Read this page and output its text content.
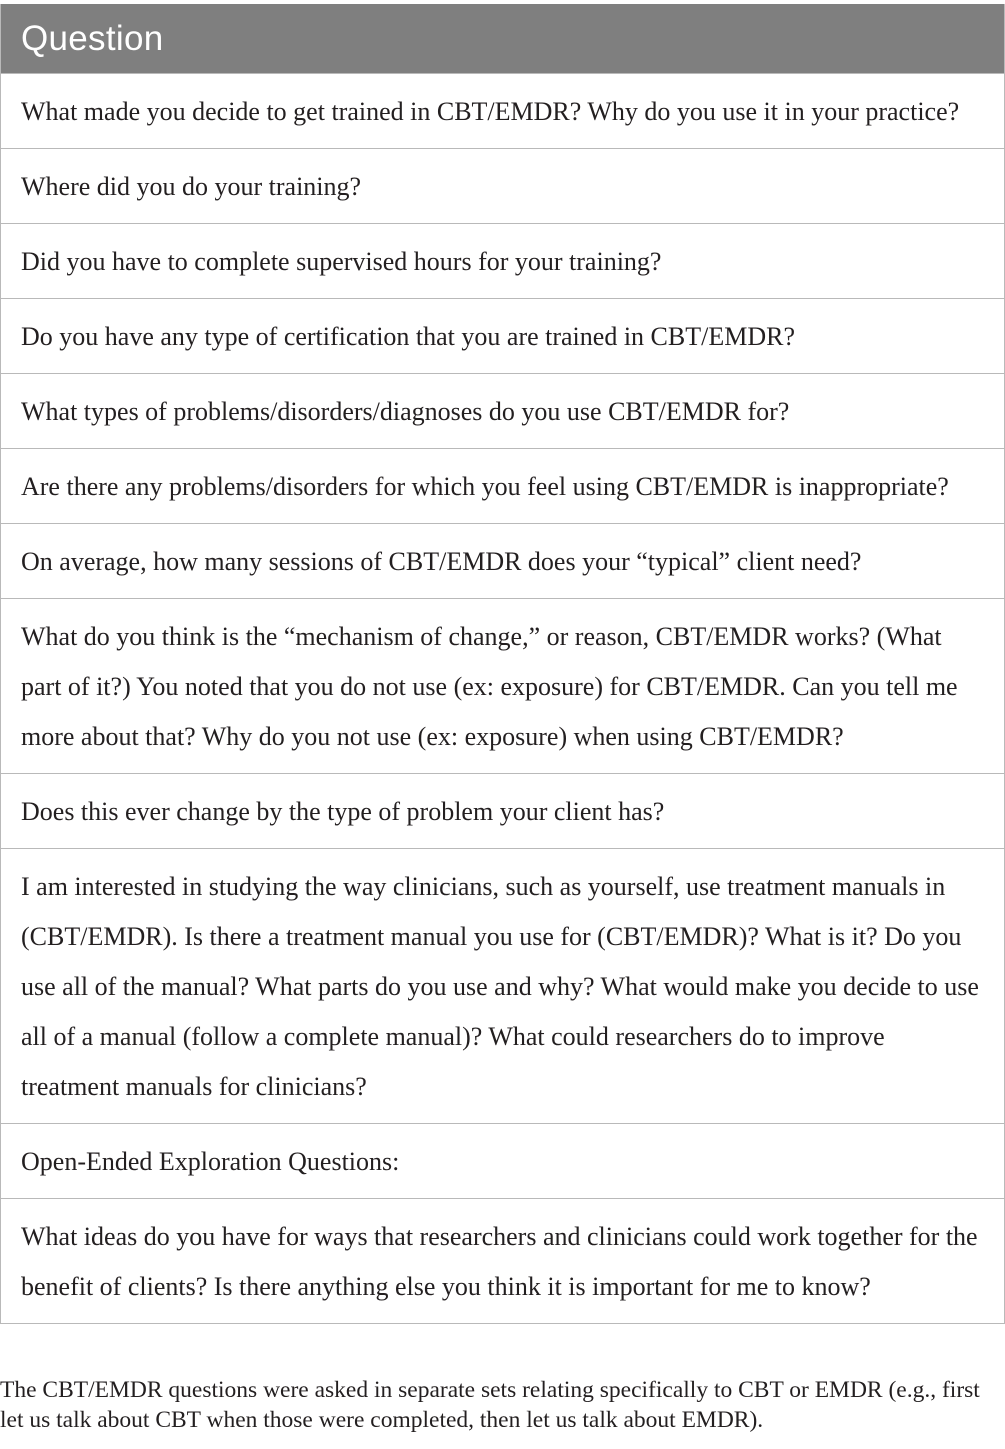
Question
What made you decide to get trained in CBT/EMDR? Why do you use it in your practice?
Where did you do your training?
Did you have to complete supervised hours for your training?
Do you have any type of certification that you are trained in CBT/EMDR?
What types of problems/disorders/diagnoses do you use CBT/EMDR for?
Are there any problems/disorders for which you feel using CBT/EMDR is inappropriate?
On average, how many sessions of CBT/EMDR does your “typical” client need?
What do you think is the “mechanism of change,” or reason, CBT/EMDR works? (What part of it?) You noted that you do not use (ex: exposure) for CBT/EMDR. Can you tell me more about that? Why do you not use (ex: exposure) when using CBT/EMDR?
Does this ever change by the type of problem your client has?
I am interested in studying the way clinicians, such as yourself, use treatment manuals in (CBT/EMDR). Is there a treatment manual you use for (CBT/EMDR)? What is it? Do you use all of the manual? What parts do you use and why? What would make you decide to use all of a manual (follow a complete manual)? What could researchers do to improve treatment manuals for clinicians?
Open-Ended Exploration Questions:
What ideas do you have for ways that researchers and clinicians could work together for the benefit of clients? Is there anything else you think it is important for me to know?

The CBT/EMDR questions were asked in separate sets relating specifically to CBT or EMDR (e.g., first let us talk about CBT when those were completed, then let us talk about EMDR).
